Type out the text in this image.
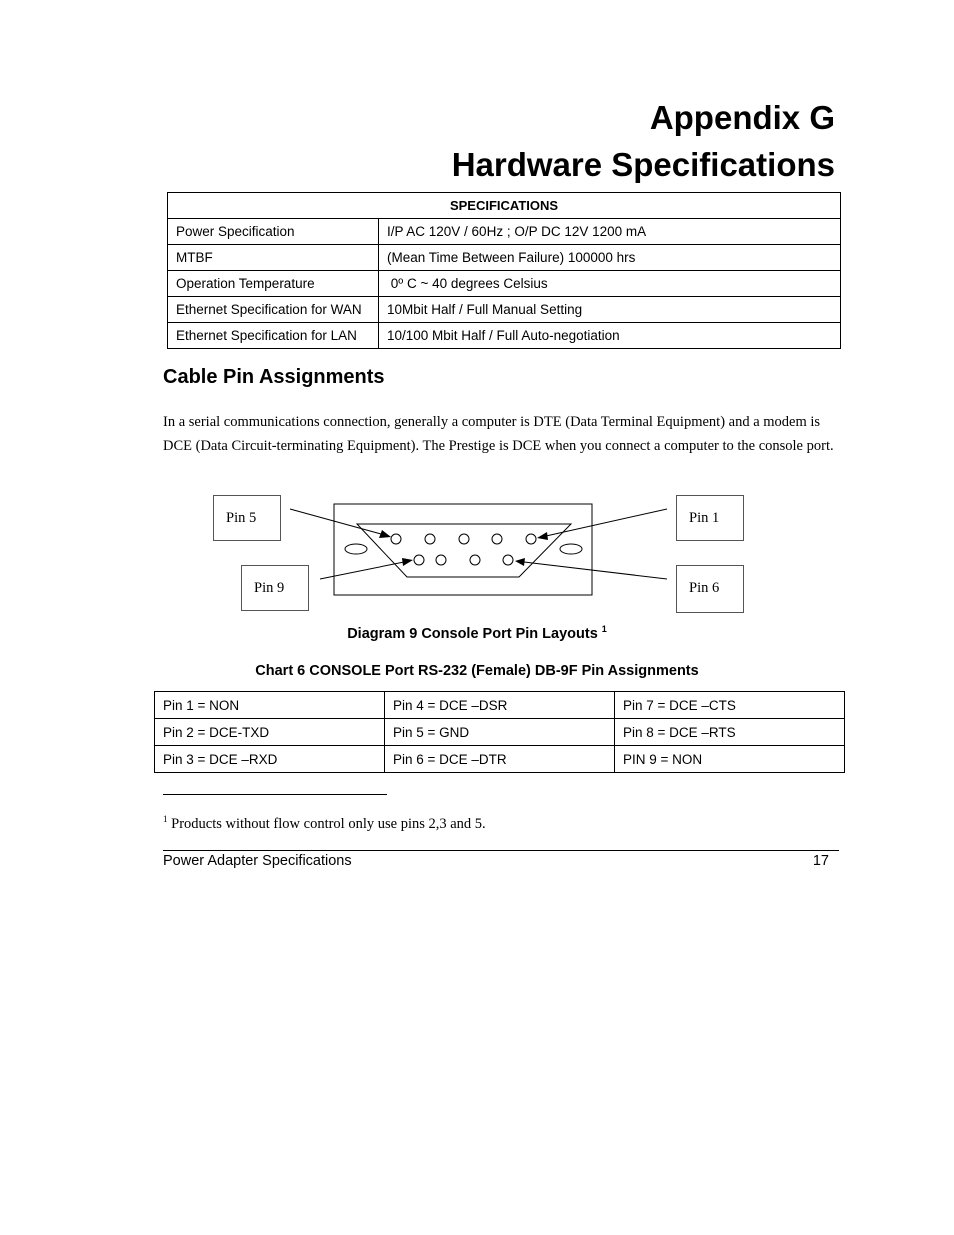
Appendix G
Hardware Specifications
SPECIFICATIONS	
Power Specification	I/P AC 120V / 60Hz ; O/P DC 12V 1200 mA
MTBF	(Mean Time Between Failure) 100000 hrs
Operation Temperature	0º C ~ 40 degrees Celsius
Ethernet Specification for WAN	10Mbit Half / Full Manual Setting
Ethernet Specification for LAN	10/100 Mbit Half / Full Auto-negotiation
Cable Pin Assignments
In a serial communications connection, generally a computer is DTE (Data Terminal Equipment) and a modem is DCE (Data Circuit-terminating Equipment). The Prestige is DCE when you connect a computer to the console port.
Pin 5
Pin 9
Pin 1
Pin 6
Diagram 9 Console Port Pin Layouts $^1$
Chart 6 CONSOLE Port RS-232 (Female) DB-9F Pin Assignments
Pin 1 = NON	Pin 4 = DCE –DSR	Pin 7 = DCE –CTS
Pin 2 = DCE-TXD	Pin 5 = GND	Pin 8 = DCE –RTS
Pin 3 = DCE –RXD	Pin 6 = DCE –DTR	PIN 9 = NON
$^1$ Products without flow control only use pins 2,3 and 5.
Power Adapter Specifications	17
